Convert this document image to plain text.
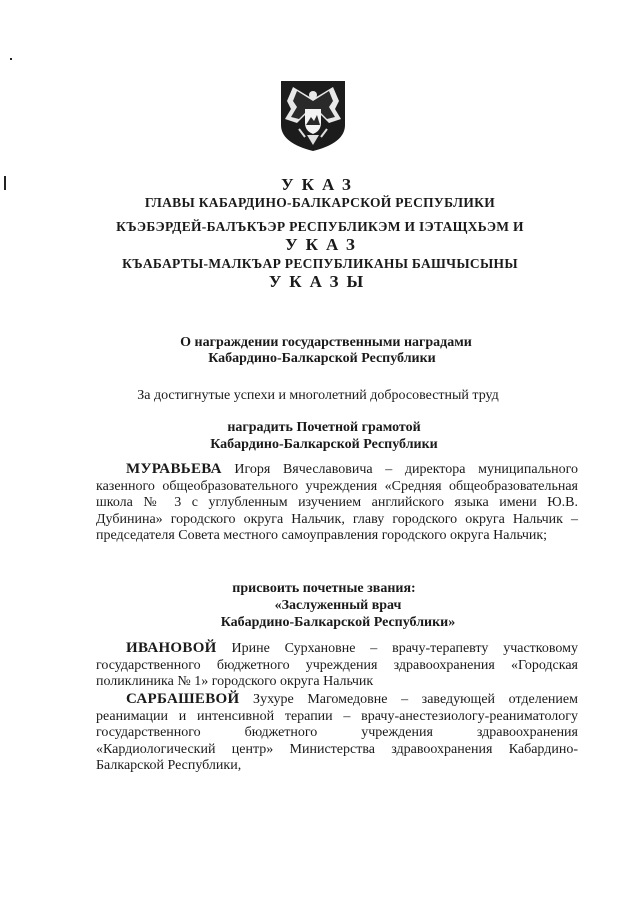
УКАЗ
ГЛАВЫ КАБАРДИНО-БАЛКАРСКОЙ РЕСПУБЛИКИ
КЪЭБЭРДЕЙ-БАЛЪКЪЭР РЕСПУБЛИКЭМ И ІЭТАЩХЬЭМ И
УКАЗ
КЪАБАРТЫ-МАЛКЪАР РЕСПУБЛИКАНЫ БАШЧЫСЫНЫ
УКАЗЫ
О награждении государственными наградами
Кабардино-Балкарской Республики
За достигнутые успехи и многолетний добросовестный труд
наградить Почетной грамотой
Кабардино-Балкарской Республики
МУРАВЬЕВА Игоря Вячеславовича – директора муниципального казенного общеобразовательного учреждения «Средняя общеобразовательная школа № 3 с углубленным изучением английского языка имени Ю.В. Дубинина» городского округа Нальчик, главу городского округа Нальчик – председателя Совета местного самоуправления городского округа Нальчик;
присвоить почетные звания:
«Заслуженный врач
Кабардино-Балкарской Республики»
ИВАНОВОЙ Ирине Сурхановне – врачу-терапевту участковому государственного бюджетного учреждения здравоохранения «Городская поликлиника № 1» городского округа Нальчик
САРБАШЕВОЙ Зухуре Магомедовне – заведующей отделением реанимации и интенсивной терапии – врачу-анестезиологу-реаниматологу государственного бюджетного учреждения здравоохранения «Кардиологический центр» Министерства здравоохранения Кабардино-Балкарской Республики,
